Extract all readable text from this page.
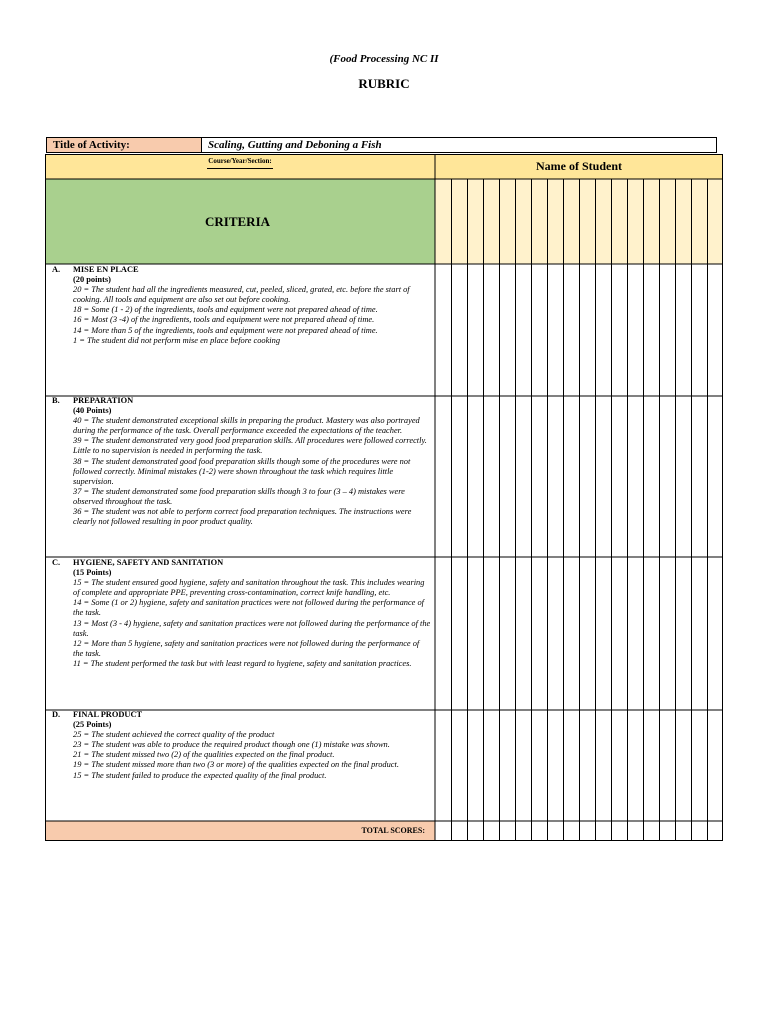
(Food Processing NC II
RUBRIC
Title of Activity:	Scaling, Gutting and Deboning a Fish
Course/Year/Section:	Name of Student
CRITERIA
A. MISE EN PLACE
(20 points)
20 = The student had all the ingredients measured, cut, peeled, sliced, grated, etc. before the start of cooking. All tools and equipment are also set out before cooking.
18 = Some (1 - 2) of the ingredients, tools and equipment were not prepared ahead of time.
16 = Most (3 -4) of the ingredients, tools and equipment were not prepared ahead of time.
14 = More than 5 of the ingredients, tools and equipment were not prepared ahead of time.
1 = The student did not perform mise en place before cooking
B. PREPARATION
(40 Points)
40 = The student demonstrated exceptional skills in preparing the product. Mastery was also portrayed during the performance of the task. Overall performance exceeded the expectations of the teacher.
39 = The student demonstrated very good food preparation skills. All procedures were followed correctly. Little to no supervision is needed in performing the task.
38 = The student demonstrated good food preparation skills though some of the procedures were not followed correctly. Minimal mistakes (1-2) were shown throughout the task which requires little supervision.
37 = The student demonstrated some food preparation skills though 3 to four (3 – 4) mistakes were observed throughout the task.
36 = The student was not able to perform correct food preparation techniques. The instructions were clearly not followed resulting in poor product quality.
C. HYGIENE, SAFETY AND SANITATION
(15 Points)
15 = The student ensured good hygiene, safety and sanitation throughout the task. This includes wearing of complete and appropriate PPE, preventing cross-contamination, correct knife handling, etc.
14 = Some (1 or 2) hygiene, safety and sanitation practices were not followed during the performance of the task.
13 = Most (3 - 4) hygiene, safety and sanitation practices were not followed during the performance of the task.
12 = More than 5 hygiene, safety and sanitation practices were not followed during the performance of the task.
11 = The student performed the task but with least regard to hygiene, safety and sanitation practices.
D. FINAL PRODUCT
(25 Points)
25 = The student achieved the correct quality of the product
23 = The student was able to produce the required product though one (1) mistake was shown.
21 = The student missed two (2) of the qualities expected on the final product.
19 = The student missed more than two (3 or more) of the qualities expected on the final product.
15 = The student failed to produce the expected quality of the final product.
TOTAL SCORES:
